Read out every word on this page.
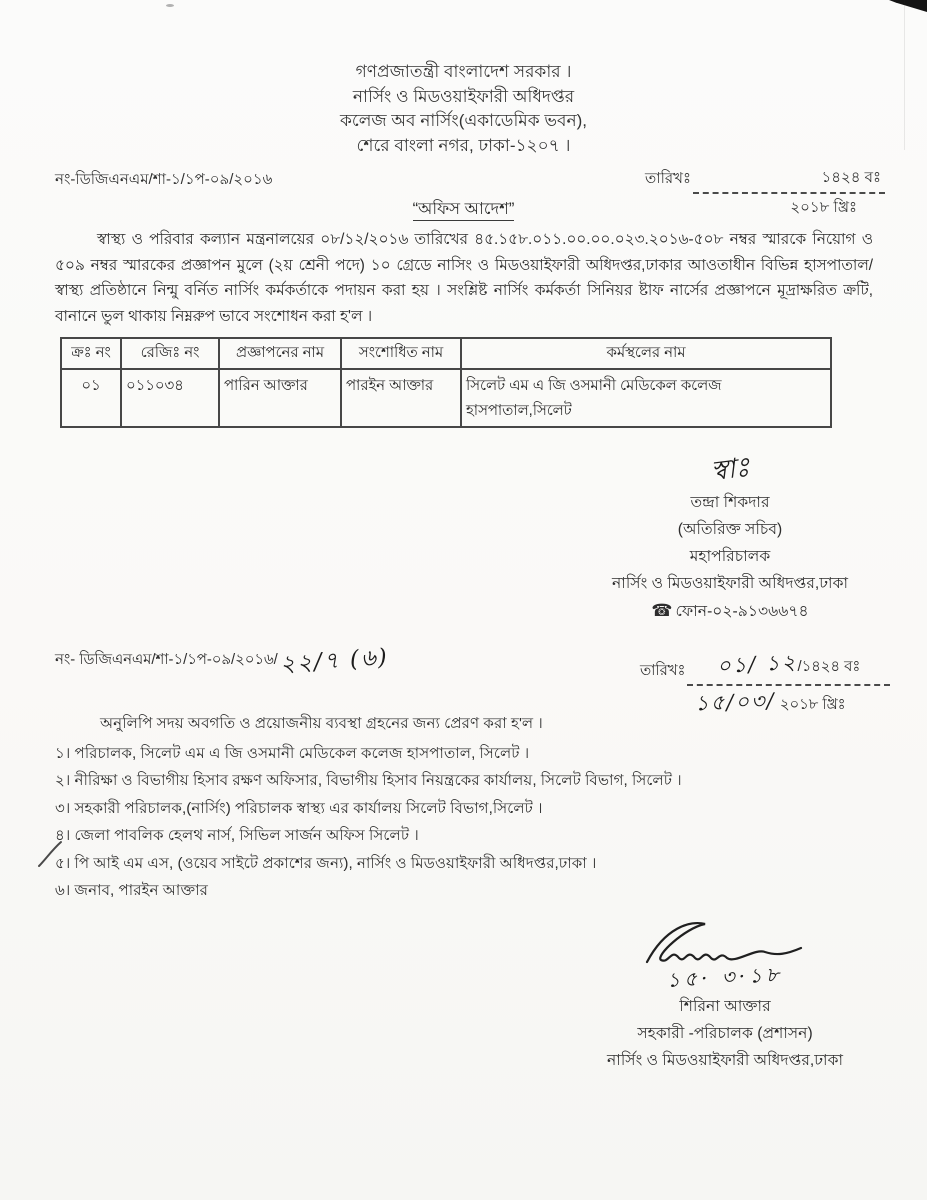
গণপ্রজাতন্ত্রী বাংলাদেশ সরকার ।
নার্সিং ও মিডওয়াইফারী অধিদপ্তর
কলেজ অব নার্সিং(একাডেমিক ভবন),
শেরে বাংলা নগর, ঢাকা-১২০৭ ।
নং-ডিজিএনএম/শা-১/১প-০৯/২০১৬	তারিখঃ	১৪২৪ বঃ
২০১৮ খ্রিঃ
“অফিস আদেশ”
স্বাস্থ্য ও পরিবার কল্যান মন্ত্রনালয়ের ০৮/১২/২০১৬ তারিখের ৪৫.১৫৮.০১১.০০.০০.০২৩.২০১৬-৫০৮ নম্বর স্মারকে নিয়োগ ও ৫০৯ নম্বর স্মারকের প্রজ্ঞাপন মুলে (২য় শ্রেনী পদে) ১০ গ্রেডে নাসিং ও মিডওয়াইফারী অধিদপ্তর,ঢাকার আওতাধীন বিভিন্ন হাসপাতাল/স্বাস্থ্য প্রতিষ্ঠানে নিন্মু বর্নিত নার্সিং কর্মকর্তাকে পদায়ন করা হয় । সংশ্লিষ্ট নার্সিং কর্মকর্তা সিনিয়র ষ্টাফ নার্সের প্রজ্ঞাপনে মূদ্রাক্ষরিত ক্রটি, বানানে ভুল থাকায় নিম্নরুপ ভাবে সংশোধন করা হ'ল ।
ক্রঃ নং	রেজিঃ নং	প্রজ্ঞাপনের নাম	সংশোধিত নাম	কর্মস্থলের নাম
০১	০১১০৩৪	পারিন আক্তার	পারইন আক্তার	সিলেট এম এ জি ওসমানী মেডিকেল কলেজ হাসপাতাল,সিলেট
স্বাঃ
তন্দ্রা শিকদার
(অতিরিক্ত সচিব)
মহাপরিচালক
নার্সিং ও মিডওয়াইফারী অধিদপ্তর,ঢাকা
☎ ফোন-০২-৯১৩৬৬৭৪
নং- ডিজিএনএম/শা-১/১প-০৯/২০১৬/২২/৭ (৬)	তারিখঃ	০১/ ১২/১৪২৪ বঃ
১৫/০৩/ ২০১৮ খ্রিঃ
অনুলিপি সদয় অবগতি ও প্রয়োজনীয় ব্যবস্থা গ্রহনের জন্য প্রেরণ করা হ'ল ।
১। পরিচালক, সিলেট এম এ জি ওসমানী মেডিকেল কলেজ হাসপাতাল, সিলেট ।
২। নীরিক্ষা ও বিভাগীয় হিসাব রক্ষণ অফিসার, বিভাগীয় হিসাব নিয়ন্ত্রকের কার্যালয়, সিলেট বিভাগ, সিলেট ।
৩। সহকারী পরিচালক,(নার্সিং) পরিচালক স্বাস্থ্য এর কার্যালয় সিলেট বিভাগ,সিলেট ।
৪। জেলা পাবলিক হেলথ নার্স, সিভিল সার্জন অফিস সিলেট ।
৫। পি আই এম এস, (ওয়েব সাইটে প্রকাশের জন্য), নার্সিং ও মিডওয়াইফারী অধিদপ্তর,ঢাকা ।
৬। জনাব, পারইন আক্তার
১৫· ৩·১৮
শিরিনা আক্তার
সহকারী -পরিচালক (প্রশাসন)
নার্সিং ও মিডওয়াইফারী অধিদপ্তর,ঢাকা
